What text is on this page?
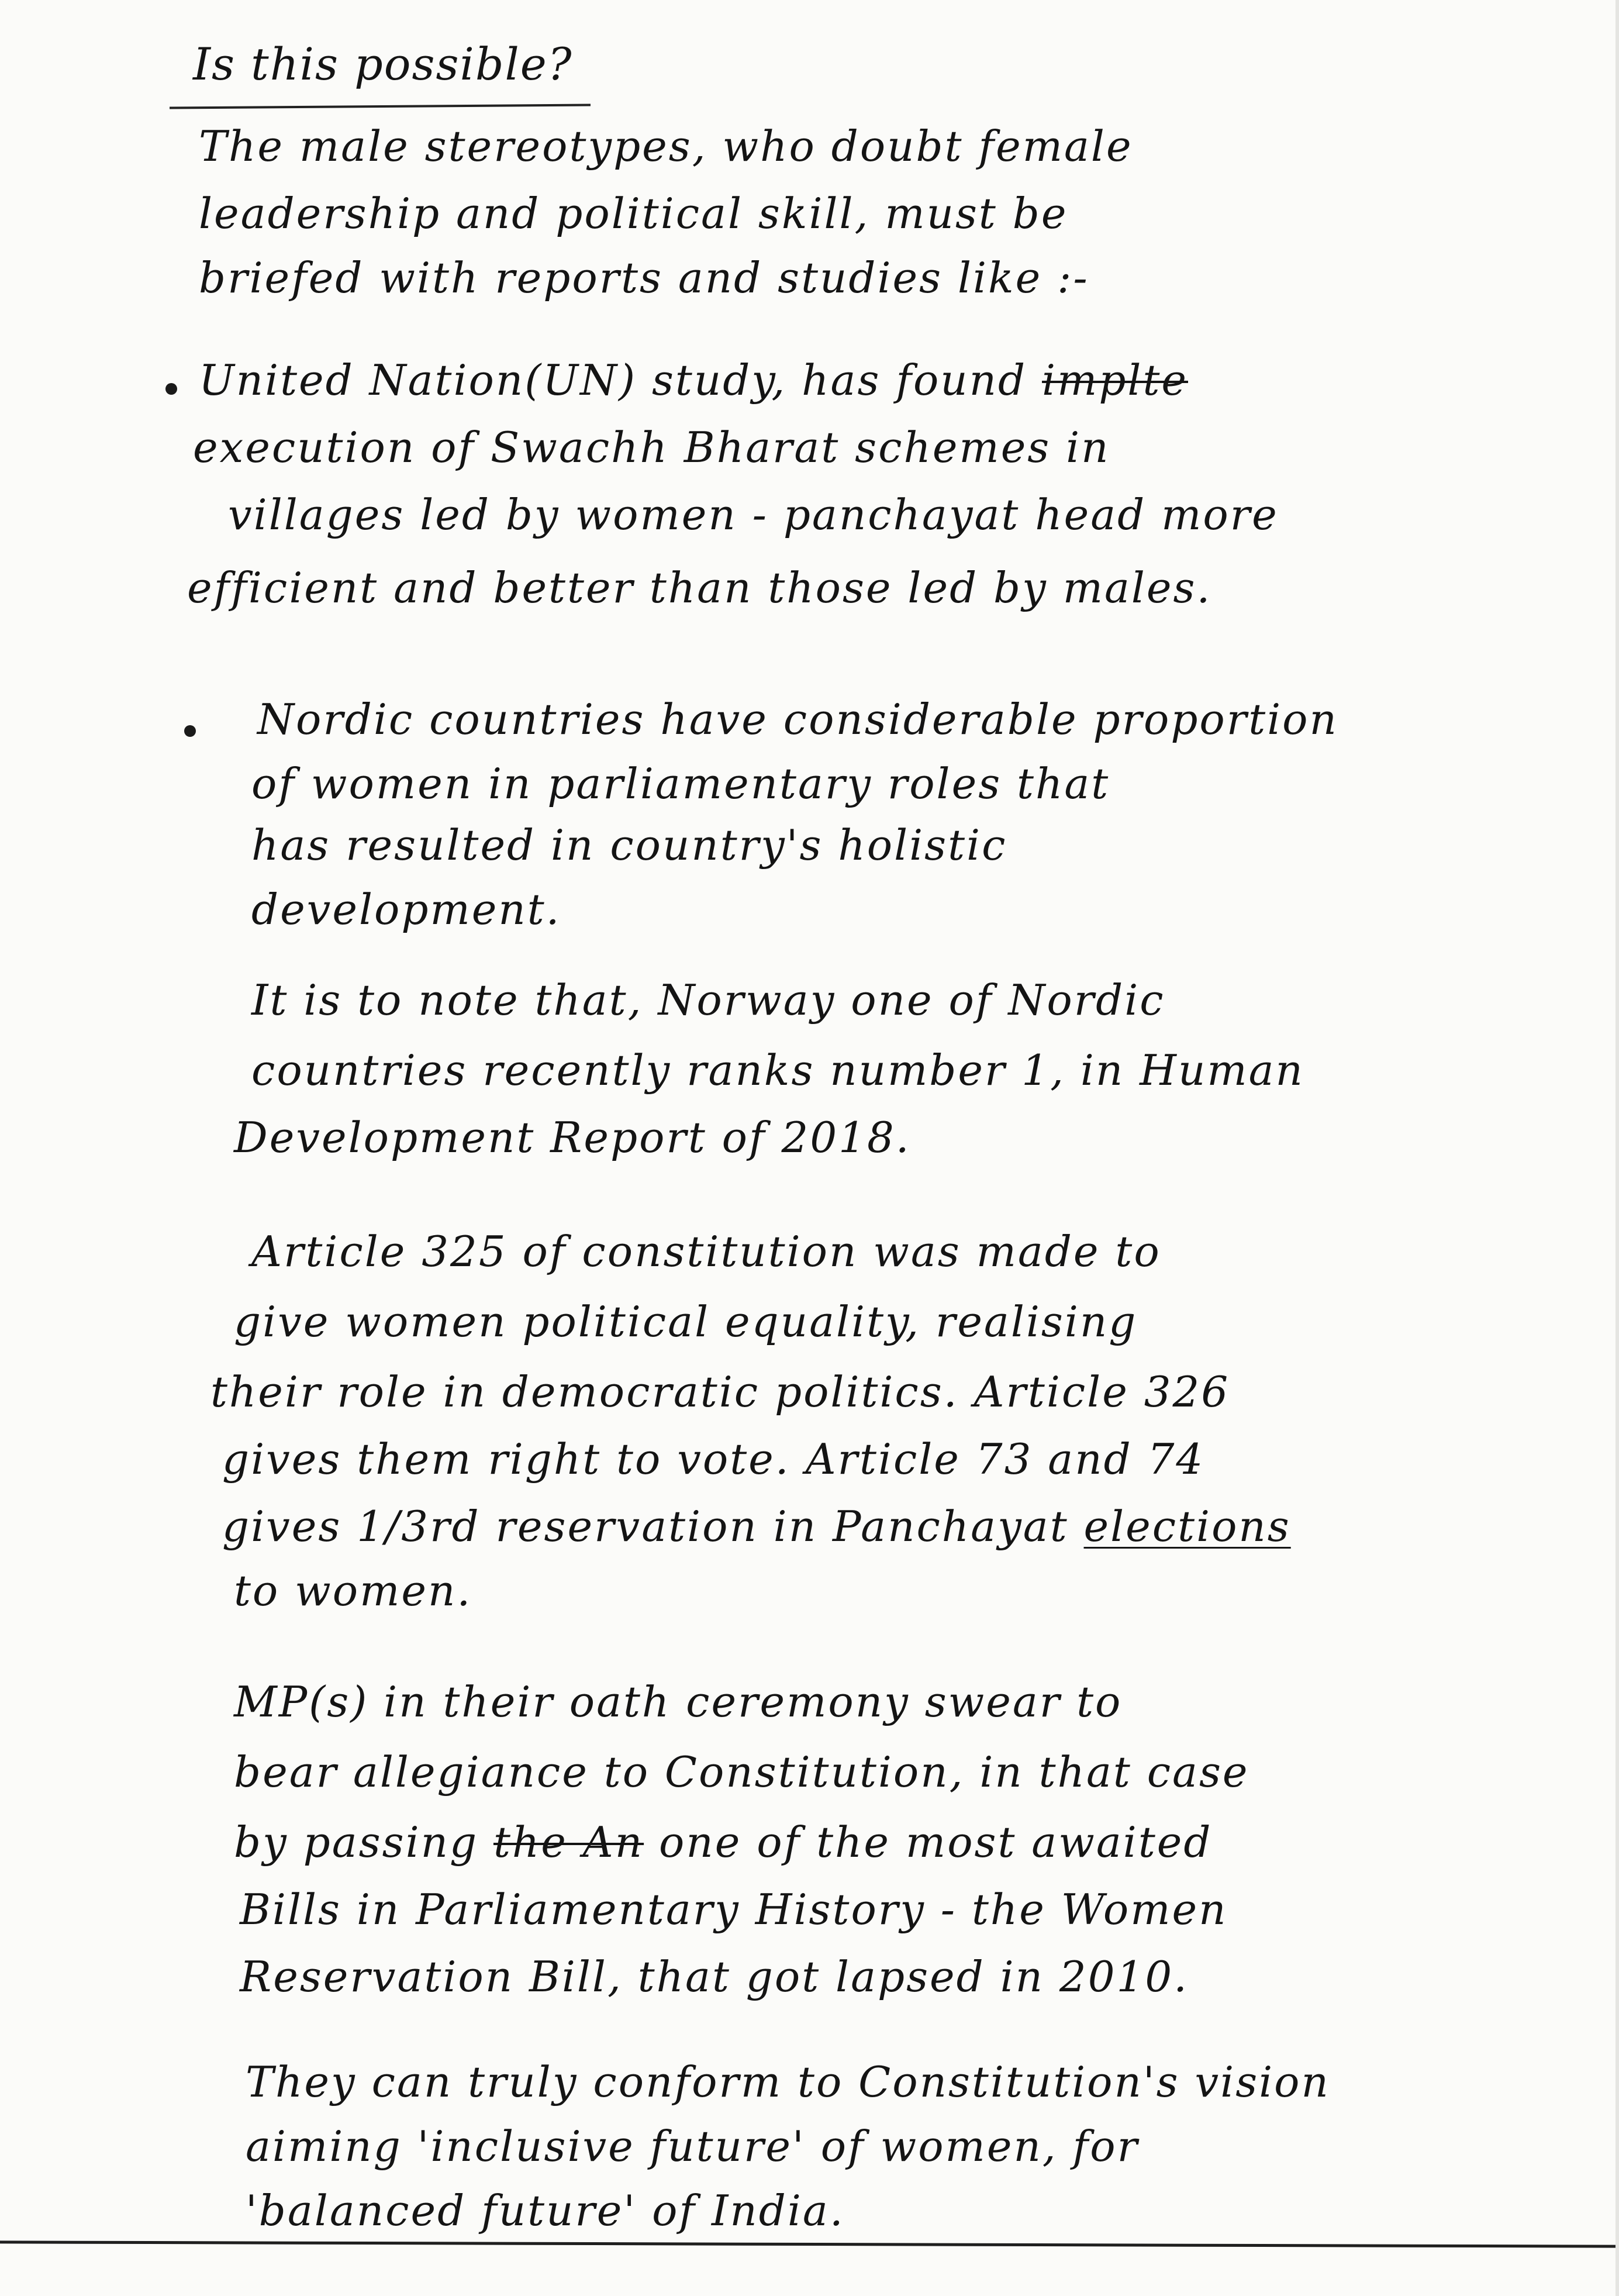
Is this possible?
The male stereotypes, who doubt female
leadership and political skill, must be
briefed with reports and studies like :-
United Nation(UN) study, has found implte
execution of Swachh Bharat schemes in
villages led by women - panchayat head more
efficient and better than those led by males.
Nordic countries have considerable proportion
of women in parliamentary roles that
has resulted in country's holistic
development.
It is to note that, Norway one of Nordic
countries recently ranks number 1, in Human
Development Report of 2018.
Article 325 of constitution was made to
give women political equality, realising
their role in democratic politics. Article 326
gives them right to vote. Article 73 and 74
gives 1/3rd reservation in Panchayat elections
to women.
MP(s) in their oath ceremony swear to
bear allegiance to Constitution, in that case
by passing the An one of the most awaited
Bills in Parliamentary History - the Women
Reservation Bill, that got lapsed in 2010.
They can truly conform to Constitution's vision
aiming 'inclusive future' of women, for
'balanced future' of India.
